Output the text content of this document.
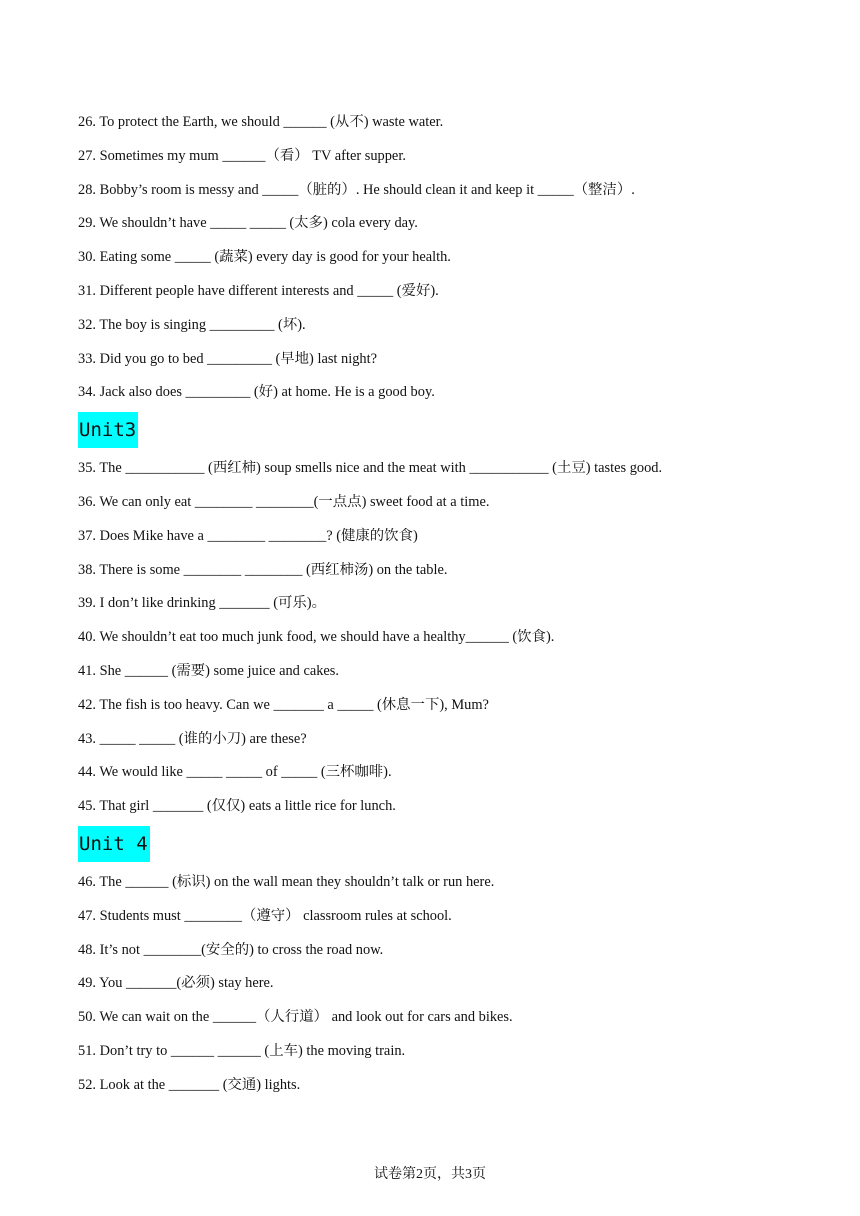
26. To protect the Earth, we should ______ (从不) waste water.
27. Sometimes my mum ______（看） TV after supper.
28. Bobby’s room is messy and _____（脏的）. He should clean it and keep it _____（整洁）.
29. We shouldn’t have _____ _____ (太多) cola every day.
30. Eating some _____ (蔬菜) every day is good for your health.
31. Different people have different interests and _____ (爱好).
32. The boy is singing _________ (坏).
33. Did you go to bed _________ (早地) last night?
34. Jack also does _________ (好) at home. He is a good boy.
Unit3
35. The ___________ (西红柿) soup smells nice and the meat with ___________ (土豆) tastes good.
36. We can only eat ________ ________(一点点) sweet food at a time.
37. Does Mike have a ________ ________? (健康的饮食)
38. There is some ________ ________ (西红柿汤) on the table.
39. I don’t like drinking _______ (可乐)。
40. We shouldn’t eat too much junk food, we should have a healthy______ (饮食).
41. She ______ (需要) some juice and cakes.
42. The fish is too heavy. Can we _______ a _____ (休息一下), Mum?
43. _____ _____ (谁的小刀) are these?
44. We would like _____ _____ of _____ (三杯咖啡).
45. That girl _______ (仅仅) eats a little rice for lunch.
Unit 4
46. The ______ (标识) on the wall mean they shouldn’t talk or run here.
47. Students must ________（遵守） classroom rules at school.
48. It’s not ________(安全的) to cross the road now.
49. You _______(必须) stay here.
50. We can wait on the ______（人行道） and look out for cars and bikes.
51. Don’t try to ______ ______ (上车) the moving train.
52. Look at the _______ (交通) lights.
试卷第2页，共3页
